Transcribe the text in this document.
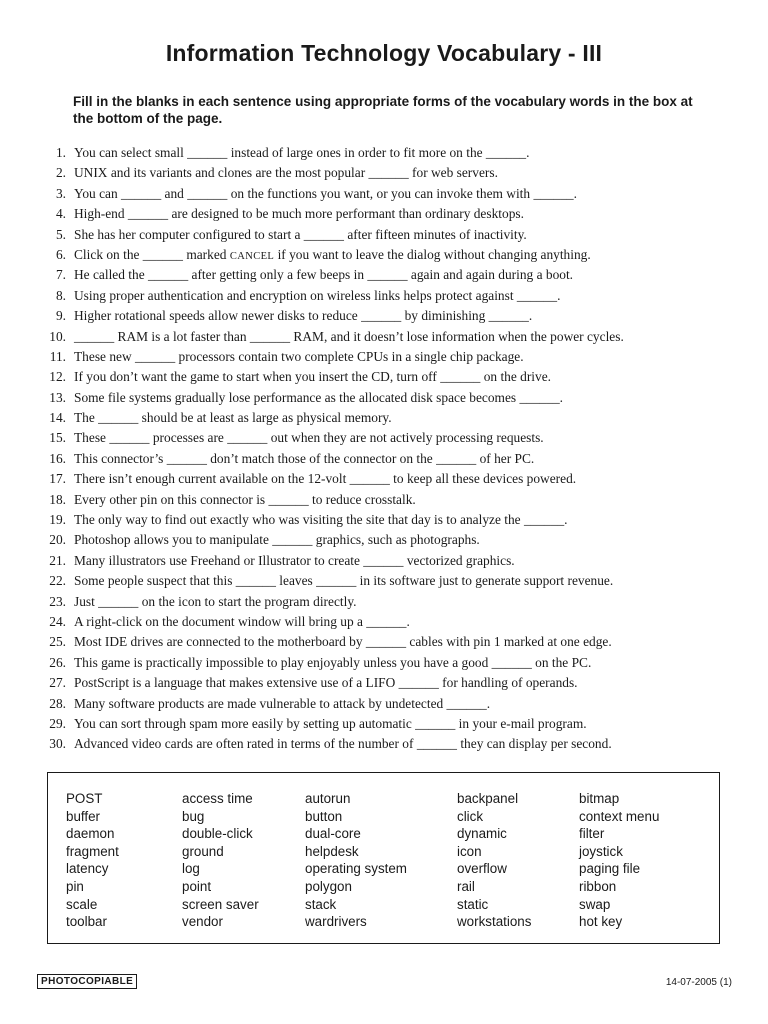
Information Technology Vocabulary - III

Fill in the blanks in each sentence using appropriate forms of the vocabulary words in the box at the bottom of the page.

1. You can select small ______ instead of large ones in order to fit more on the ______.
2. UNIX and its variants and clones are the most popular ______ for web servers.
3. You can ______ and ______ on the functions you want, or you can invoke them with ______.
4. High-end ______ are designed to be much more performant than ordinary desktops.
5. She has her computer configured to start a ______ after fifteen minutes of inactivity.
6. Click on the ______ marked CANCEL if you want to leave the dialog without changing anything.
7. He called the ______ after getting only a few beeps in ______ again and again during a boot.
8. Using proper authentication and encryption on wireless links helps protect against ______.
9. Higher rotational speeds allow newer disks to reduce ______ by diminishing ______.
10. ______ RAM is a lot faster than ______ RAM, and it doesn’t lose information when the power cycles.
11. These new ______ processors contain two complete CPUs in a single chip package.
12. If you don’t want the game to start when you insert the CD, turn off ______ on the drive.
13. Some file systems gradually lose performance as the allocated disk space becomes ______.
14. The ______ should be at least as large as physical memory.
15. These ______ processes are ______ out when they are not actively processing requests.
16. This connector’s ______ don’t match those of the connector on the ______ of her PC.
17. There isn’t enough current available on the 12-volt ______ to keep all these devices powered.
18. Every other pin on this connector is ______ to reduce crosstalk.
19. The only way to find out exactly who was visiting the site that day is to analyze the ______.
20. Photoshop allows you to manipulate ______ graphics, such as photographs.
21. Many illustrators use Freehand or Illustrator to create ______ vectorized graphics.
22. Some people suspect that this ______ leaves ______ in its software just to generate support revenue.
23. Just ______ on the icon to start the program directly.
24. A right-click on the document window will bring up a ______.
25. Most IDE drives are connected to the motherboard by ______ cables with pin 1 marked at one edge.
26. This game is practically impossible to play enjoyably unless you have a good ______ on the PC.
27. PostScript is a language that makes extensive use of a LIFO ______ for handling of operands.
28. Many software products are made vulnerable to attack by undetected ______.
29. You can sort through spam more easily by setting up automatic ______ in your e-mail program.
30. Advanced video cards are often rated in terms of the number of ______ they can display per second.
POST	access time	autorun	backpanel	bitmap
buffer	bug	button	click	context menu
daemon	double-click	dual-core	dynamic	filter
fragment	ground	helpdesk	icon	joystick
latency	log	operating system	overflow	paging file
pin	point	polygon	rail	ribbon
scale	screen saver	stack	static	swap
toolbar	vendor	wardrivers	workstations	hot key
PHOTOCOPIABLE	14-07-2005 (1)
